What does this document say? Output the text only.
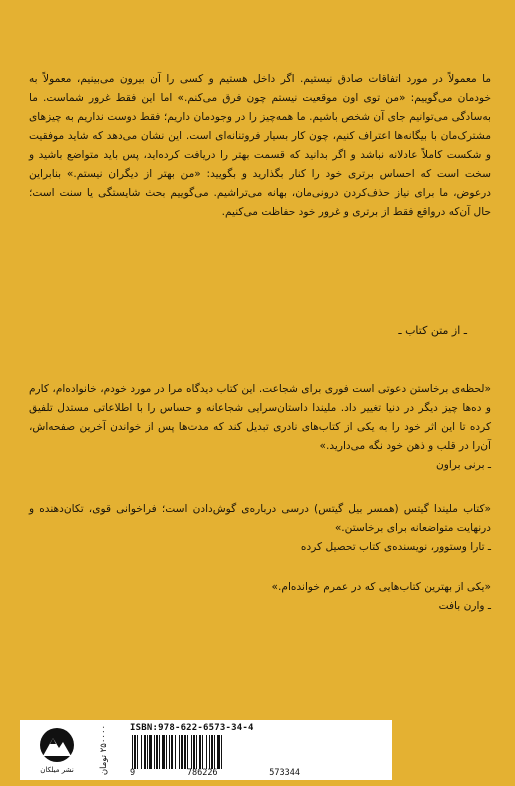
ما معمولاً در مورد اتفاقات صادق نیستیم. اگر داخل هستیم و کسی را آن بیرون می‌بینیم، معمولاً به خودمان می‌گوییم: «من توی اون موقعیت نیستم چون فرق می‌کنم.» اما این فقط غرور شماست. ما به‌سادگی می‌توانیم جای آن شخص باشیم. ما همه‌چیز را در وجودمان داریم؛ فقط دوست نداریم به چیزهای مشترک‌مان با بیگانه‌ها اعتراف کنیم، چون کار بسیار فروتنانه‌ای است. این نشان می‌دهد که شاید موفقیت و شکست کاملاً عادلانه نباشد و اگر بدانید که قسمت بهتر را دریافت کرده‌اید، پس باید متواضع باشید و سخت است که احساس برتری خود را کنار بگذارید و بگویید: «من بهتر از دیگران نیستم.» بنابراین درعوض، ما برای نیاز حذف‌کردن درونی‌مان، بهانه می‌تراشیم. می‌گوییم بحث شایستگی یا سنت است؛ حال آن‌که درواقع فقط از برتری و غرور خود حفاظت می‌کنیم.

ـ از متن کتاب ـ

«لحظه‌ی برخاستن دعوتی است فوری برای شجاعت. این کتاب دیدگاه مرا در مورد خودم، خانواده‌ام، کارم و ده‌ها چیز دیگر در دنیا تغییر داد. ملیندا داستان‌سرایی شجاعانه و حساس را با اطلاعاتی مستدل تلفیق کرده تا این اثر خود را به یکی از کتاب‌های نادری تبدیل کند که مدت‌ها پس از خواندن آخرین صفحه‌اش، آن‌را در قلب و ذهن خود نگه می‌دارید.»

ـ برنی براون

«کتاب ملیندا گیتس (همسر بیل گیتس) درسی درباره‌ی گوش‌دادن است؛ فراخوانی قوی، تکان‌دهنده و درنهایت متواضعانه برای برخاستن.»

ـ تارا وستوور، نویسنده‌ی کتاب تحصیل کرده

«یکی از بهترین کتاب‌هایی که در عمرم خوانده‌ام.»

ـ وارن بافت

نشر میلکان	۲۵۰۰۰۰ تومان ISBN:978-622-6573-34-4
9	786226	573344
